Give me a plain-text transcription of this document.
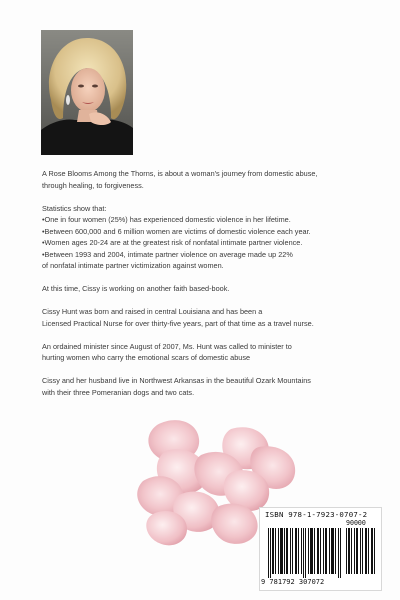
A Rose Blooms Among the Thorns, is about a woman's journey from domestic abuse,
through healing, to forgiveness.

Statistics show that:
•One in four women (25%) has experienced domestic violence in her lifetime.
•Between 600,000 and 6 million women are victims of domestic violence each year.
•Women ages 20-24 are at the greatest risk of nonfatal intimate partner violence.
•Between 1993 and 2004, intimate partner violence on average made up 22%
of nonfatal intimate partner victimization against women.

At this time, Cissy is working on another faith based-book.

Cissy Hunt was born and raised in central Louisiana and has been a
Licensed Practical Nurse for over thirty-five years, part of that time as a travel nurse.

An ordained minister since August of 2007, Ms. Hunt was called to minister to
hurting women who carry the emotional scars of domestic abuse

Cissy and her husband live in Northwest Arkansas in the beautiful Ozark Mountains
with their three Pomeranian dogs and two cats.

ISBN 978-1-7923-0707-2
90000
9 781792 307072
